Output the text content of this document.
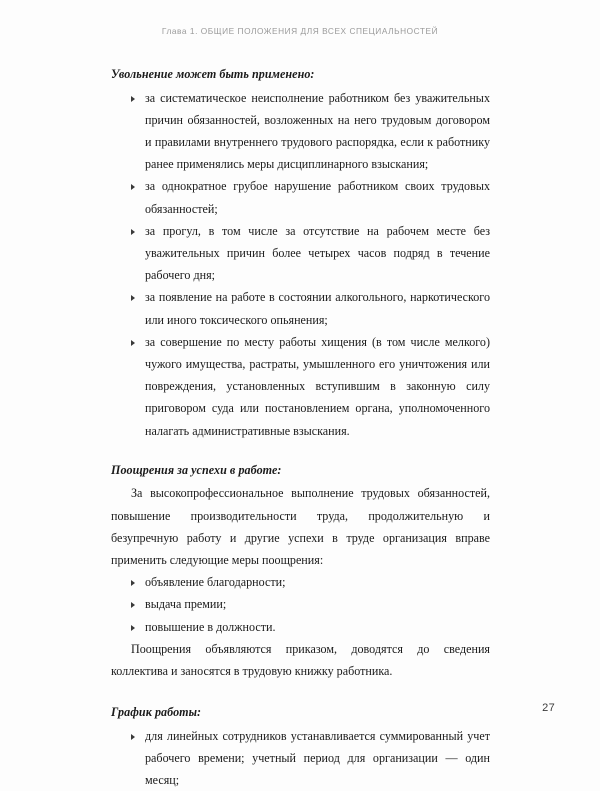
Глава 1. ОБЩИЕ ПОЛОЖЕНИЯ ДЛЯ ВСЕХ СПЕЦИАЛЬНОСТЕЙ

Увольнение может быть применено:

за систематическое неисполнение работником без уважительных причин обязанностей, возложенных на него трудовым договором и правилами внутреннего трудового распорядка, если к работнику ранее применялись меры дисциплинарного взыскания;
за однократное грубое нарушение работником своих трудовых обязанностей;
за прогул, в том числе за отсутствие на рабочем месте без уважительных причин более четырех часов подряд в течение рабочего дня;
за появление на работе в состоянии алкогольного, наркотического или иного токсического опьянения;
за совершение по месту работы хищения (в том числе мелкого) чужого имущества, растраты, умышленного его уничтожения или повреждения, установленных вступившим в законную силу приговором суда или постановлением органа, уполномоченного налагать административные взыскания.

Поощрения за успехи в работе:

За высокопрофессиональное выполнение трудовых обязанностей, повышение производительности труда, продолжительную и безупречную работу и другие успехи в труде организация вправе применить следующие меры поощрения:

объявление благодарности;
выдача премии;
повышение в должности.

Поощрения объявляются приказом, доводятся до сведения коллектива и заносятся в трудовую книжку работника.

График работы:

для линейных сотрудников устанавливается суммированный учет рабочего времени; учетный период для организации — один месяц;
27
